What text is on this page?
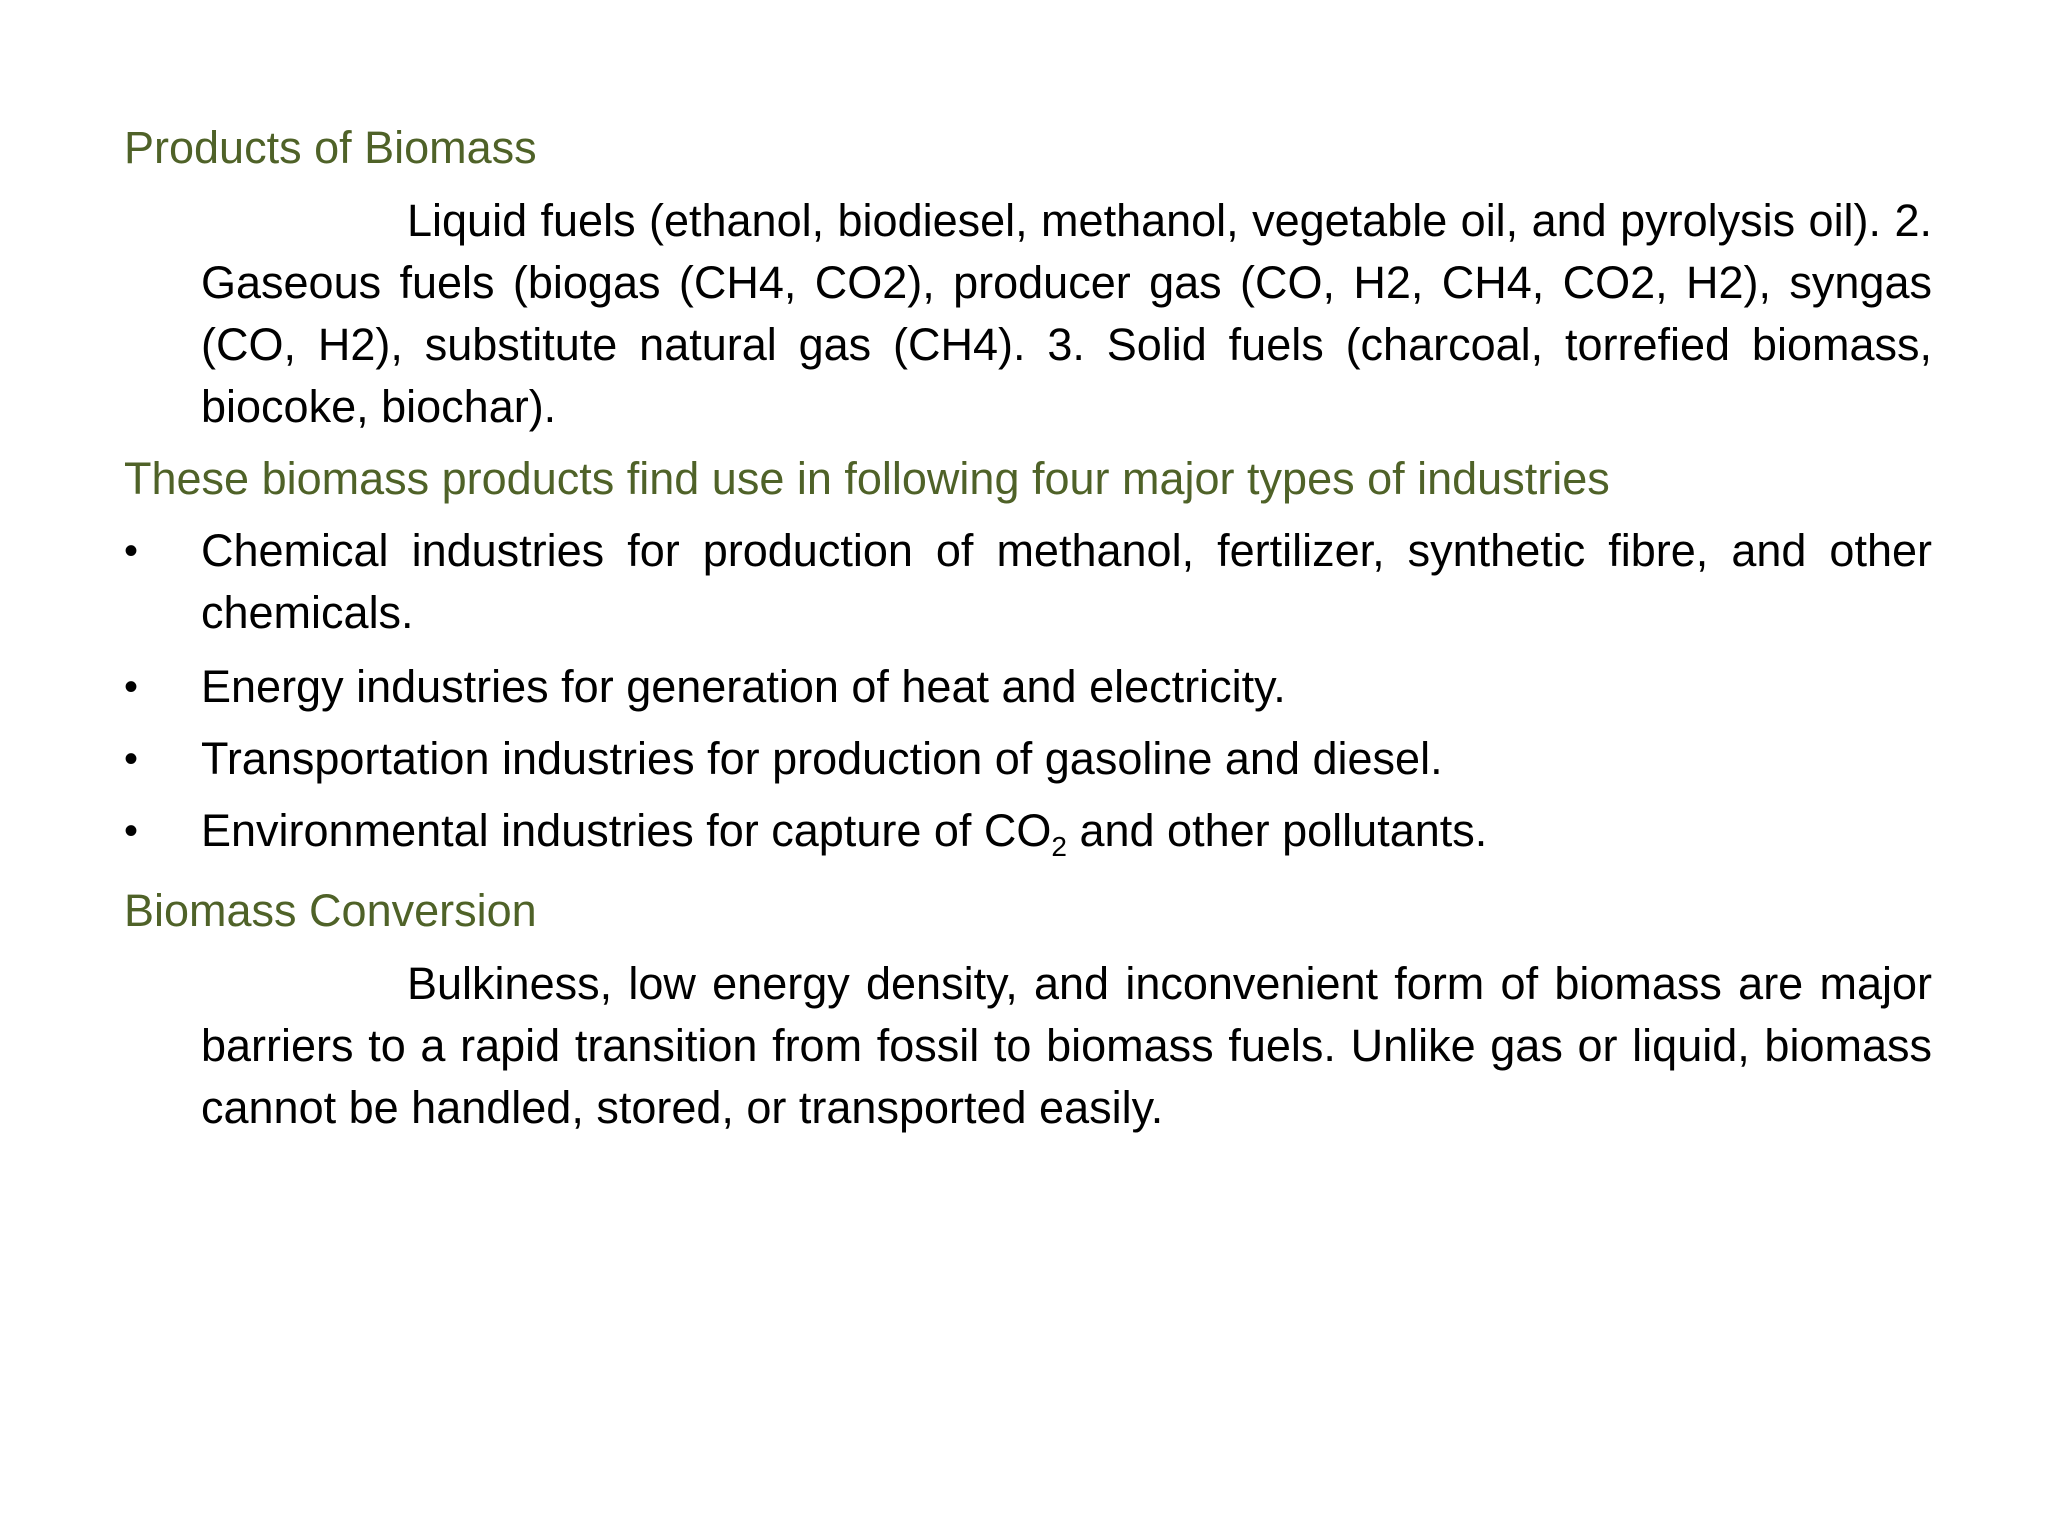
Products of Biomass
Liquid fuels (ethanol, biodiesel, methanol, vegetable oil, and pyrolysis oil). 2. Gaseous fuels (biogas (CH4, CO2), producer gas (CO, H2, CH4, CO2, H2), syngas (CO, H2), substitute natural gas (CH4). 3. Solid fuels (charcoal, torrefied biomass, biocoke, biochar).
These biomass products find use in following four major types of industries
• Chemical industries for production of methanol, fertilizer, synthetic fibre, and other chemicals.
• Energy industries for generation of heat and electricity.
• Transportation industries for production of gasoline and diesel.
• Environmental industries for capture of $CO_2$ and other pollutants.
Biomass Conversion
Bulkiness, low energy density, and inconvenient form of biomass are major barriers to a rapid transition from fossil to biomass fuels. Unlike gas or liquid, biomass cannot be handled, stored, or transported easily.
